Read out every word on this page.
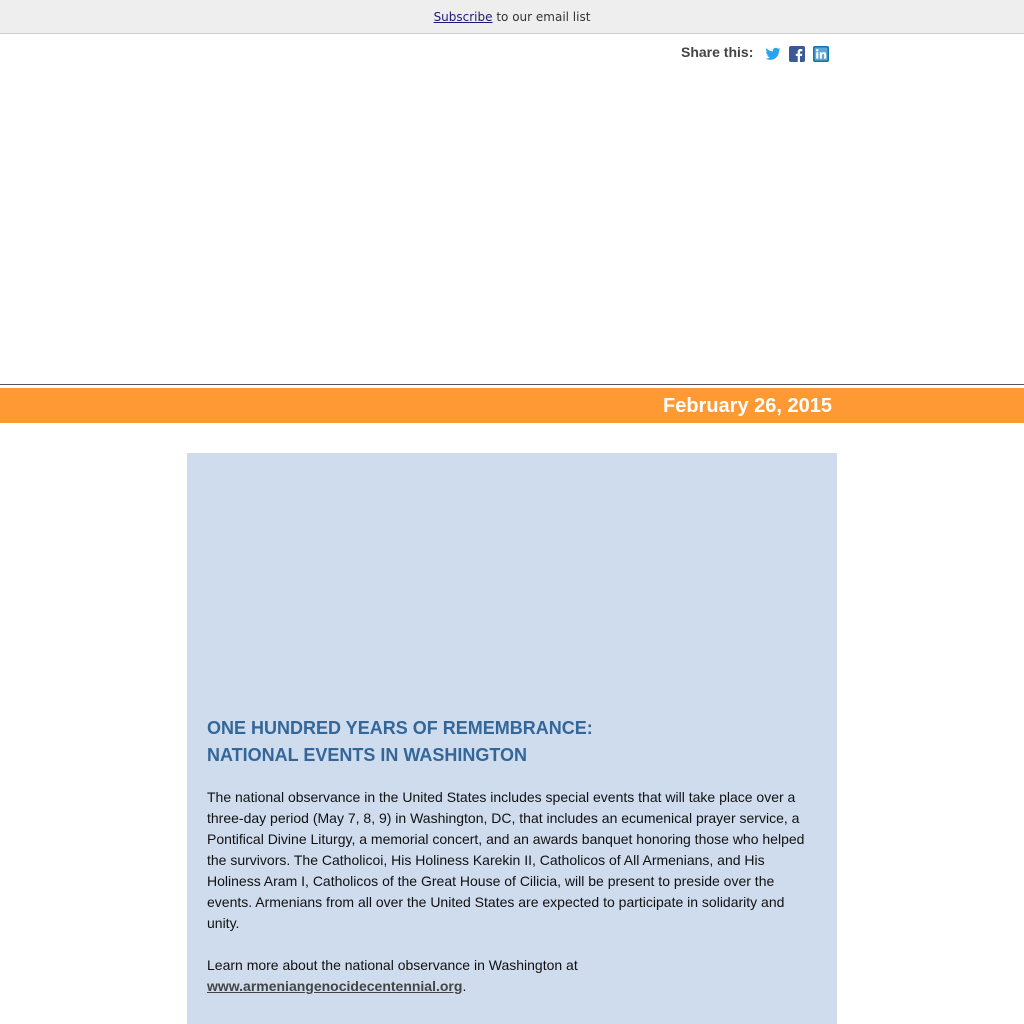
Subscribe to our email list
Share this:
February 26, 2015
ONE HUNDRED YEARS OF REMEMBRANCE:
NATIONAL EVENTS IN WASHINGTON

The national observance in the United States includes special events that will take place over a three-day period (May 7, 8, 9) in Washington, DC, that includes an ecumenical prayer service, a Pontifical Divine Liturgy, a memorial concert, and an awards banquet honoring those who helped the survivors. The Catholicoi, His Holiness Karekin II, Catholicos of All Armenians, and His Holiness Aram I, Catholicos of the Great House of Cilicia, will be present to preside over the events. Armenians from all over the United States are expected to participate in solidarity and unity.

Learn more about the national observance in Washington at
www.armeniangenocidecentennial.org.
